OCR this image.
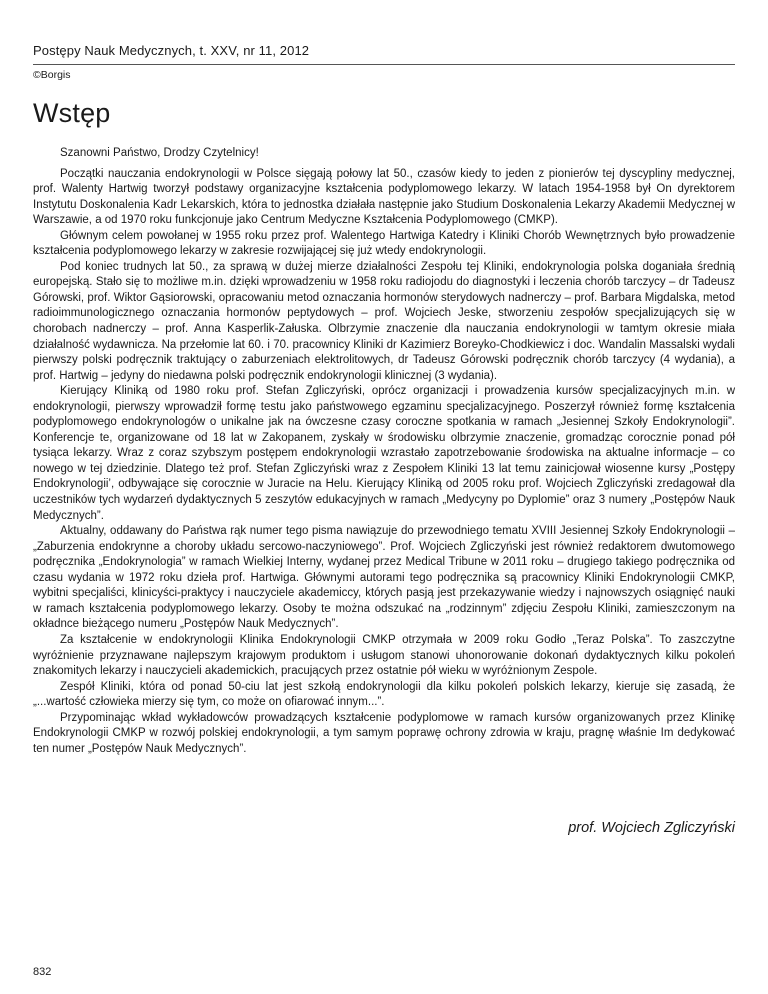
Postępy Nauk Medycznych, t. XXV, nr 11, 2012
©Borgis
Wstęp

Szanowni Państwo, Drodzy Czytelnicy!

Początki nauczania endokrynologii w Polsce sięgają połowy lat 50., czasów kiedy to jeden z pionierów tej dyscypliny medycznej, prof. Walenty Hartwig tworzył podstawy organizacyjne kształcenia podyplomowego lekarzy. W latach 1954-1958 był On dyrektorem Instytutu Doskonalenia Kadr Lekarskich, która to jednostka działała następnie jako Studium Doskonalenia Lekarzy Akademii Medycznej w Warszawie, a od 1970 roku funkcjonuje jako Centrum Medyczne Kształcenia Podyplomowego (CMKP).

Głównym celem powołanej w 1955 roku przez prof. Walentego Hartwiga Katedry i Kliniki Chorób Wewnętrznych było prowadzenie kształcenia podyplomowego lekarzy w zakresie rozwijającej się już wtedy endokrynologii.

Pod koniec trudnych lat 50., za sprawą w dużej mierze działalności Zespołu tej Kliniki, endokrynologia polska doganiała średnią europejską. Stało się to możliwe m.in. dzięki wprowadzeniu w 1958 roku radiojodu do diagnostyki i leczenia chorób tarczycy – dr Tadeusz Górowski, prof. Wiktor Gąsiorowski, opracowaniu metod oznaczania hormonów sterydowych nadnerczy – prof. Barbara Migdalska, metod radioimmunologicznego oznaczania hormonów peptydowych – prof. Wojciech Jeske, stworzeniu zespołów specjalizujących się w chorobach nadnerczy – prof. Anna Kasperlik-Załuska. Olbrzymie znaczenie dla nauczania endokrynologii w tamtym okresie miała działalność wydawnicza. Na przełomie lat 60. i 70. pracownicy Kliniki dr Kazimierz Boreyko-Chodkiewicz i doc. Wandalin Massalski wydali pierwszy polski podręcznik traktujący o zaburzeniach elektrolitowych, dr Tadeusz Górowski podręcznik chorób tarczycy (4 wydania), a prof. Hartwig – jedyny do niedawna polski podręcznik endokrynologii klinicznej (3 wydania).

Kierujący Kliniką od 1980 roku prof. Stefan Zgliczyński, oprócz organizacji i prowadzenia kursów specjalizacyjnych m.in. w endokrynologii, pierwszy wprowadził formę testu jako państwowego egzaminu specjalizacyjnego. Poszerzył również formę kształcenia podyplomowego endokrynologów o unikalne jak na ówczesne czasy coroczne spotkania w ramach „Jesiennej Szkoły Endokrynologii”. Konferencje te, organizowane od 18 lat w Zakopanem, zyskały w środowisku olbrzymie znaczenie, gromadząc corocznie ponad pół tysiąca lekarzy. Wraz z coraz szybszym postępem endokrynologii wzrastało zapotrzebowanie środowiska na aktualne informacje – co nowego w tej dziedzinie. Dlatego też prof. Stefan Zgliczyński wraz z Zespołem Kliniki 13 lat temu zainicjował wiosenne kursy „Postępy Endokrynologii’, odbywające się corocznie w Juracie na Helu. Kierujący Kliniką od 2005 roku prof. Wojciech Zgliczyński zredagował dla uczestników tych wydarzeń dydaktycznych 5 zeszytów edukacyjnych w ramach „Medycyny po Dyplomie” oraz 3 numery „Postępów Nauk Medycznych”.

Aktualny, oddawany do Państwa rąk numer tego pisma nawiązuje do przewodniego tematu XVIII Jesiennej Szkoły Endokrynologii – „Zaburzenia endokrynne a choroby układu sercowo-naczyniowego”. Prof. Wojciech Zgliczyński jest również redaktorem dwutomowego podręcznika „Endokrynologia” w ramach Wielkiej Interny, wydanej przez Medical Tribune w 2011 roku – drugiego takiego podręcznika od czasu wydania w 1972 roku dzieła prof. Hartwiga. Głównymi autorami tego podręcznika są pracownicy Kliniki Endokrynologii CMKP, wybitni specjaliści, klinicyści-praktycy i nauczyciele akademiccy, których pasją jest przekazywanie wiedzy i najnowszych osiągnięć nauki w ramach kształcenia podyplomowego lekarzy. Osoby te można odszukać na „rodzinnym” zdjęciu Zespołu Kliniki, zamieszczonym na okładnce bieżącego numeru „Postępów Nauk Medycznych”.

Za kształcenie w endokrynologii Klinika Endokrynologii CMKP otrzymała w 2009 roku Godło „Teraz Polska”. To zaszczytne wyróżnienie przyznawane najlepszym krajowym produktom i usługom stanowi uhonorowanie dokonań dydaktycznych kilku pokoleń znakomitych lekarzy i nauczycieli akademickich, pracujących przez ostatnie pół wieku w wyróżnionym Zespole.

Zespół Kliniki, która od ponad 50-ciu lat jest szkołą endokrynologii dla kilku pokoleń polskich lekarzy, kieruje się zasadą, że „...wartość człowieka mierzy się tym, co może on ofiarować innym...”.

Przypominając wkład wykładowców prowadzących kształcenie podyplomowe w ramach kursów organizowanych przez Klinikę Endokrynologii CMKP w rozwój polskiej endokrynologii, a tym samym poprawę ochrony zdrowia w kraju, pragnę właśnie Im dedykować ten numer „Postępów Nauk Medycznych”.

prof. Wojciech Zgliczyński
832
